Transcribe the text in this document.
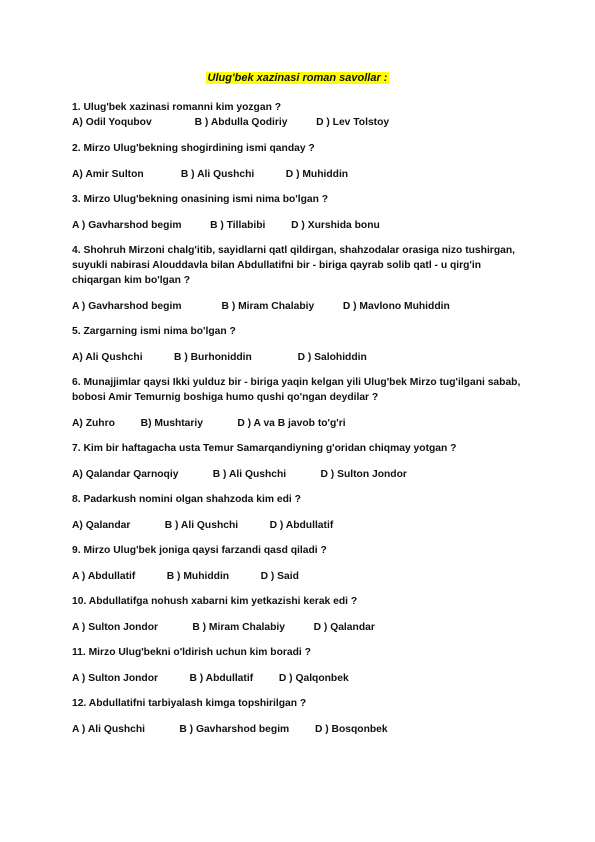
Ulug'bek xazinasi roman savollar :
1. Ulug'bek xazinasi romanni kim yozgan ?
A) Odil Yoqubov               B ) Abdulla Qodiriy          D ) Lev Tolstoy
2. Mirzo Ulug'bekning shogirdining ismi qanday ?
A) Amir Sulton             B ) Ali Qushchi           D ) Muhiddin
3. Mirzo Ulug'bekning onasining ismi nima bo'lgan ?
A ) Gavharshod begim          B ) Tillabibi         D ) Xurshida bonu
4. Shohruh Mirzoni chalg'itib, sayidlarni qatl qildirgan, shahzodalar orasiga nizo tushirgan, suyukli nabirasi Alouddavla bilan Abdullatifni bir - biriga qayrab solib qatl - u qirg'in chiqargan kim bo'lgan ?
A ) Gavharshod begim              B ) Miram Chalabiy          D ) Mavlono Muhiddin
5. Zargarning ismi nima bo'lgan ?
A) Ali Qushchi           B ) Burhoniddin                D ) Salohiddin
6. Munajjimlar qaysi Ikki yulduz bir - biriga yaqin kelgan yili Ulug'bek Mirzo tug'ilgani sabab, bobosi Amir Temurnig boshiga humo qushi qo'ngan deydilar ?
A) Zuhro         B) Mushtariy            D ) A va B javob to'g'ri
7. Kim bir haftagacha usta Temur Samarqandiyning g'oridan chiqmay yotgan ?
A) Qalandar Qarnoqiy            B ) Ali Qushchi            D ) Sulton Jondor
8. Padarkush nomini olgan shahzoda kim edi ?
A) Qalandar            B ) Ali Qushchi           D ) Abdullatif
9. Mirzo Ulug'bek joniga qaysi farzandi qasd qiladi ?
A ) Abdullatif           B ) Muhiddin           D ) Said
10. Abdullatifga nohush xabarni kim yetkazishi kerak edi ?
A ) Sulton Jondor            B ) Miram Chalabiy          D ) Qalandar
11. Mirzo Ulug'bekni o'ldirish uchun kim boradi ?
A ) Sulton Jondor           B ) Abdullatif         D ) Qalqonbek
12. Abdullatifni tarbiyalash kimga topshirilgan ?
A ) Ali Qushchi            B ) Gavharshod begim         D ) Bosqonbek
